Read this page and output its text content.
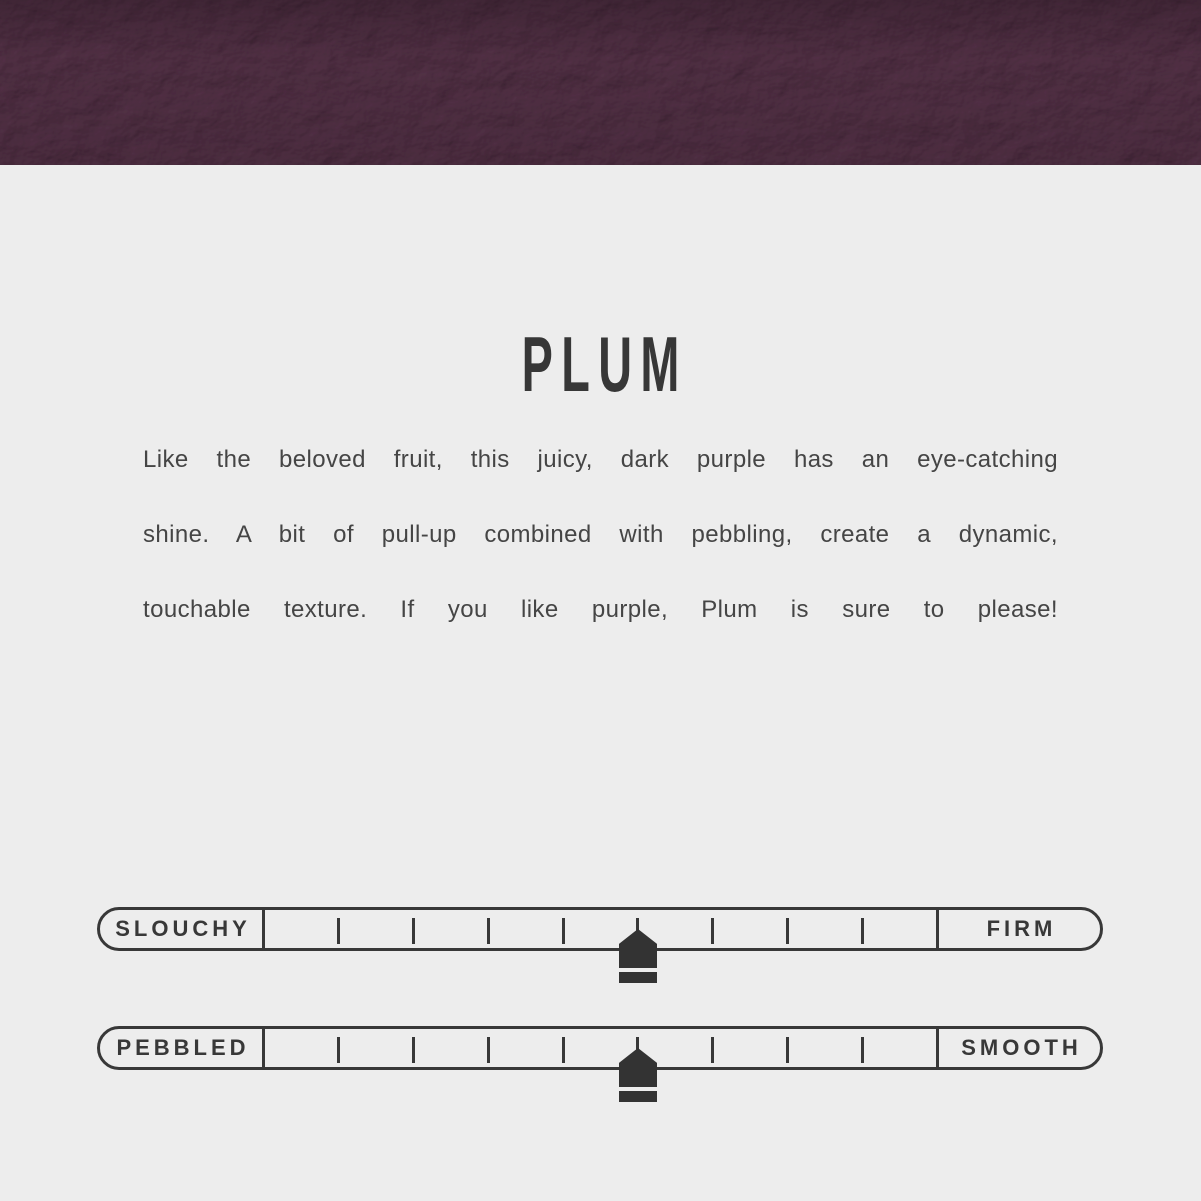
PLUM

Like the beloved fruit, this juicy, dark purple has an eye-catching

shine. A bit of pull-up combined with pebbling, create a dynamic,

touchable texture. If you like purple, Plum is sure to please!

SLOUCHY	FIRM
PEBBLED	SMOOTH
